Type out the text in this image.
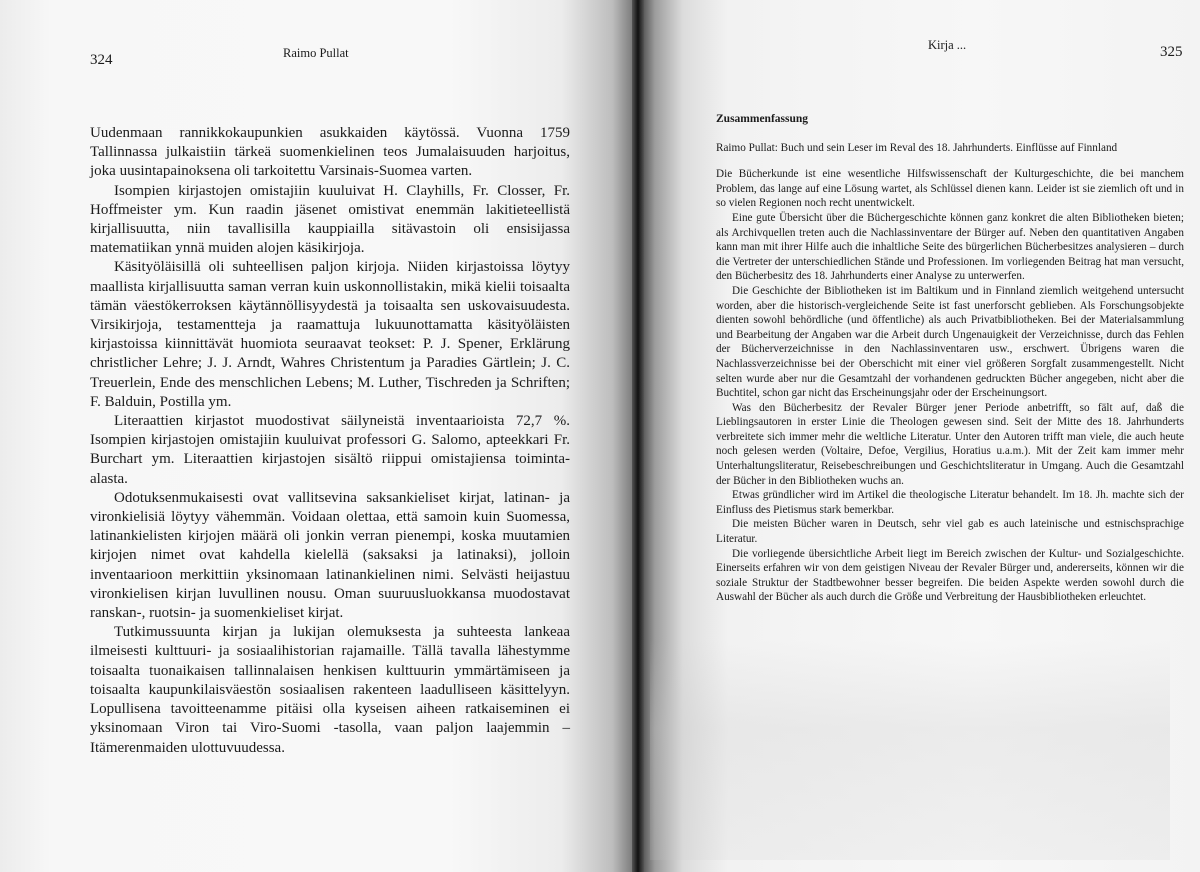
324	Raimo Pullat

Uudenmaan rannikkokaupunkien asukkaiden käytössä. Vuonna 1759 Tallinnassa julkaistiin tärkeä suomenkielinen teos Jumalaisuuden harjoitus, joka uusintapainoksena oli tarkoitettu Varsinais-Suomea varten.

Isompien kirjastojen omistajiin kuuluivat H. Clayhills, Fr. Closser, Fr. Hoffmeister ym. Kun raadin jäsenet omistivat enemmän lakitieteellistä kirjallisuutta, niin tavallisilla kauppiailla sitävastoin oli ensisijassa matematiikan ynnä muiden alojen käsikirjoja.

Käsityöläisillä oli suhteellisen paljon kirjoja. Niiden kirjastoissa löytyy maallista kirjallisuutta saman verran kuin uskonnollistakin, mikä kielii toisaalta tämän väestökerroksen käytännöllisyydestä ja toisaalta sen uskovaisuudesta. Virsikirjoja, testamentteja ja raamattuja lukuunottamatta käsityöläisten kirjastoissa kiinnittävät huomiota seuraavat teokset: P. J. Spener, Erklärung christlicher Lehre; J. J. Arndt, Wahres Christentum ja Paradies Gärtlein; J. C. Treuerlein, Ende des menschlichen Lebens; M. Luther, Tischreden ja Schriften; F. Balduin, Postilla ym.

Literaattien kirjastot muodostivat säilyneistä inventaarioista 72,7 %. Isompien kirjastojen omistajiin kuuluivat professori G. Salomo, apteekkari Fr. Burchart ym. Literaattien kirjastojen sisältö riippui omistajiensa toiminta-alasta.

Odotuksenmukaisesti ovat vallitsevina saksankieliset kirjat, latinan- ja vironkielisiä löytyy vähemmän. Voidaan olettaa, että samoin kuin Suomessa, latinankielisten kirjojen määrä oli jonkin verran pienempi, koska muutamien kirjojen nimet ovat kahdella kielellä (saksaksi ja latinaksi), jolloin inventaarioon merkittiin yksinomaan latinankielinen nimi. Selvästi heijastuu vironkielisen kirjan luvullinen nousu. Oman suuruusluokkansa muodostavat ranskan-, ruotsin- ja suomenkieliset kirjat.

Tutkimussuunta kirjan ja lukijan olemuksesta ja suhteesta lankeaa ilmeisesti kulttuuri- ja sosiaalihistorian rajamaille. Tällä tavalla lähestymme toisaalta tuonaikaisen tallinnalaisen henkisen kulttuurin ymmärtämiseen ja toisaalta kaupunkilaisväestön sosiaalisen rakenteen laadulliseen käsittelyyn. Lopullisena tavoitteenamme pitäisi olla kyseisen aiheen ratkaiseminen ei yksinomaan Viron tai Viro-Suomi -tasolla, vaan paljon laajemmin – Itämerenmaiden ulottuvuudessa.

Kirja ...	325

Zusammenfassung

Raimo Pullat: Buch und sein Leser im Reval des 18. Jahrhunderts. Einflüsse auf Finnland

Die Bücherkunde ist eine wesentliche Hilfswissenschaft der Kulturgeschichte, die bei manchem Problem, das lange auf eine Lösung wartet, als Schlüssel dienen kann. Leider ist sie ziemlich oft und in so vielen Regionen noch recht unentwickelt.

Eine gute Übersicht über die Büchergeschichte können ganz konkret die alten Bibliotheken bieten; als Archivquellen treten auch die Nachlassinventare der Bürger auf. Neben den quantitativen Angaben kann man mit ihrer Hilfe auch die inhaltliche Seite des bürgerlichen Bücherbesitzes analysieren – durch die Vertreter der unterschiedlichen Stände und Professionen. Im vorliegenden Beitrag hat man versucht, den Bücherbesitz des 18. Jahrhunderts einer Analyse zu unterwerfen.

Die Geschichte der Bibliotheken ist im Baltikum und in Finnland ziemlich weitgehend untersucht worden, aber die historisch-vergleichende Seite ist fast unerforscht geblieben. Als Forschungsobjekte dienten sowohl behördliche (und öffentliche) als auch Privatbibliotheken. Bei der Materialsammlung und Bearbeitung der Angaben war die Arbeit durch Ungenauigkeit der Verzeichnisse, durch das Fehlen der Bücherverzeichnisse in den Nachlassinventaren usw., erschwert. Übrigens waren die Nachlassverzeichnisse bei der Oberschicht mit einer viel größeren Sorgfalt zusammengestellt. Nicht selten wurde aber nur die Gesamtzahl der vorhandenen gedruckten Bücher angegeben, nicht aber die Buchtitel, schon gar nicht das Erscheinungsjahr oder der Erscheinungsort.

Was den Bücherbesitz der Revaler Bürger jener Periode anbetrifft, so fält auf, daß die Lieblingsautoren in erster Linie die Theologen gewesen sind. Seit der Mitte des 18. Jahrhunderts verbreitete sich immer mehr die weltliche Literatur. Unter den Autoren trifft man viele, die auch heute noch gelesen werden (Voltaire, Defoe, Vergilius, Horatius u.a.m.). Mit der Zeit kam immer mehr Unterhaltungsliteratur, Reisebeschreibungen und Geschichtsliteratur in Umgang. Auch die Gesamtzahl der Bücher in den Bibliotheken wuchs an.

Etwas gründlicher wird im Artikel die theologische Literatur behandelt. Im 18. Jh. machte sich der Einfluss des Pietismus stark bemerkbar.

Die meisten Bücher waren in Deutsch, sehr viel gab es auch lateinische und estnischsprachige Literatur.

Die vorliegende übersichtliche Arbeit liegt im Bereich zwischen der Kultur- und Sozialgeschichte. Einerseits erfahren wir von dem geistigen Niveau der Revaler Bürger und, andererseits, können wir die soziale Struktur der Stadtbewohner besser begreifen. Die beiden Aspekte werden sowohl durch die Auswahl der Bücher als auch durch die Größe und Verbreitung der Hausbibliotheken erleuchtet.
